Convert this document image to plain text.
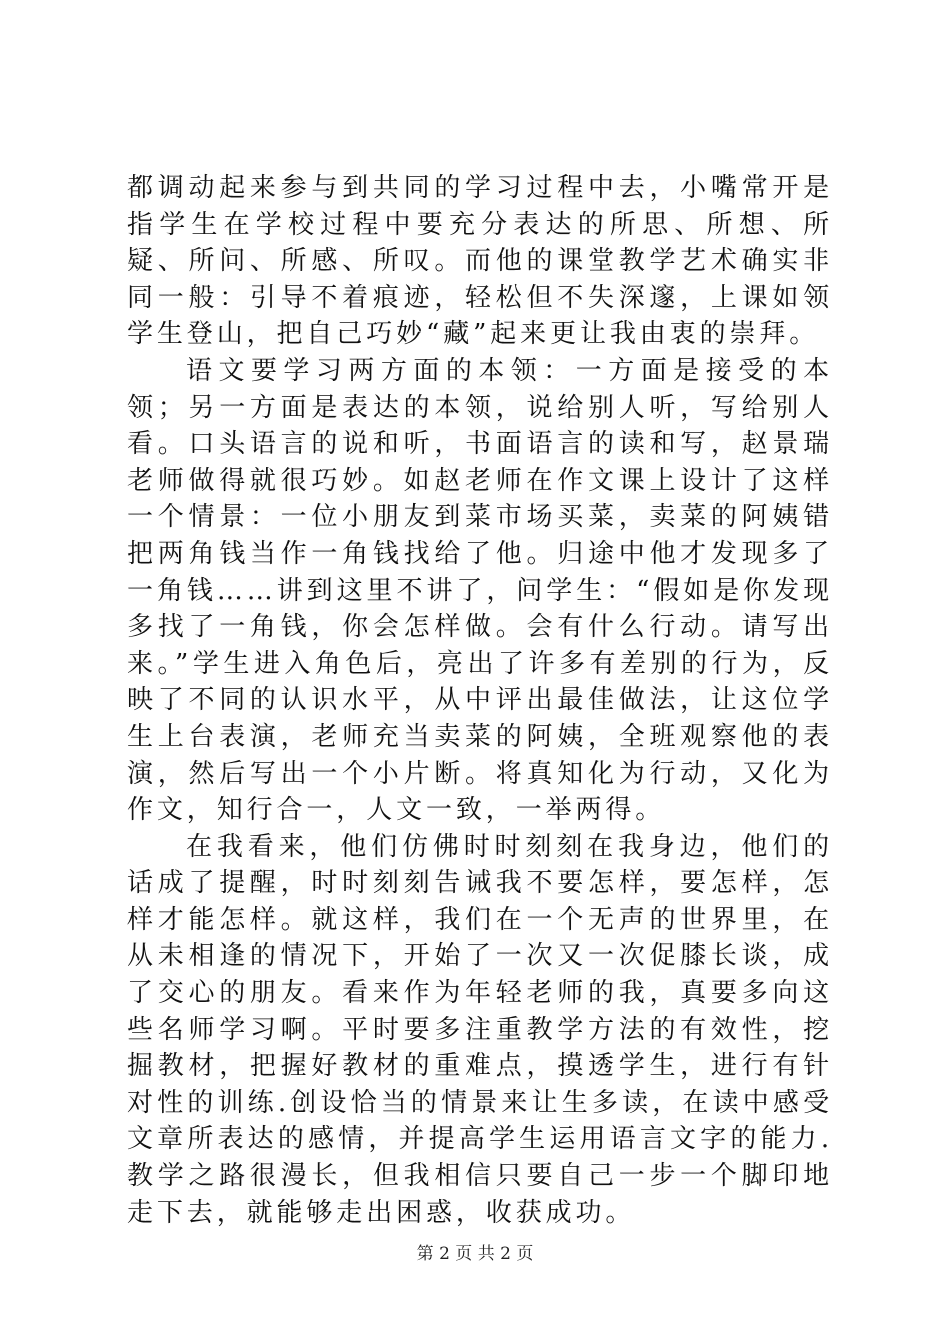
都调动起来参与到共同的学习过程中去，小嘴常开是指学生在学校过程中要充分表达的所思、所想、所疑、所问、所感、所叹。而他的课堂教学艺术确实非同一般：引导不着痕迹，轻松但不失深邃，上课如领学生登山，把自己巧妙“藏”起来更让我由衷的崇拜。

语文要学习两方面的本领：一方面是接受的本领；另一方面是表达的本领，说给别人听，写给别人看。口头语言的说和听，书面语言的读和写，赵景瑞老师做得就很巧妙。如赵老师在作文课上设计了这样一个情景：一位小朋友到菜市场买菜，卖菜的阿姨错把两角钱当作一角钱找给了他。归途中他才发现多了一角钱……讲到这里不讲了，问学生：“假如是你发现多找了一角钱，你会怎样做。会有什么行动。请写出来。”学生进入角色后，亮出了许多有差别的行为，反映了不同的认识水平，从中评出最佳做法，让这位学生上台表演，老师充当卖菜的阿姨，全班观察他的表演，然后写出一个小片断。将真知化为行动，又化为作文，知行合一，人文一致，一举两得。

在我看来，他们仿佛时时刻刻在我身边，他们的话成了提醒，时时刻刻告诫我不要怎样，要怎样，怎样才能怎样。就这样，我们在一个无声的世界里，在从未相逢的情况下，开始了一次又一次促膝长谈，成了交心的朋友。看来作为年轻老师的我，真要多向这些名师学习啊。平时要多注重教学方法的有效性，挖掘教材，把握好教材的重难点，摸透学生，进行有针对性的训练.创设恰当的情景来让生多读，在读中感受文章所表达的感情，并提高学生运用语言文字的能力.教学之路很漫长，但我相信只要自己一步一个脚印地走下去，就能够走出困惑，收获成功。

第 2 页 共 2 页
